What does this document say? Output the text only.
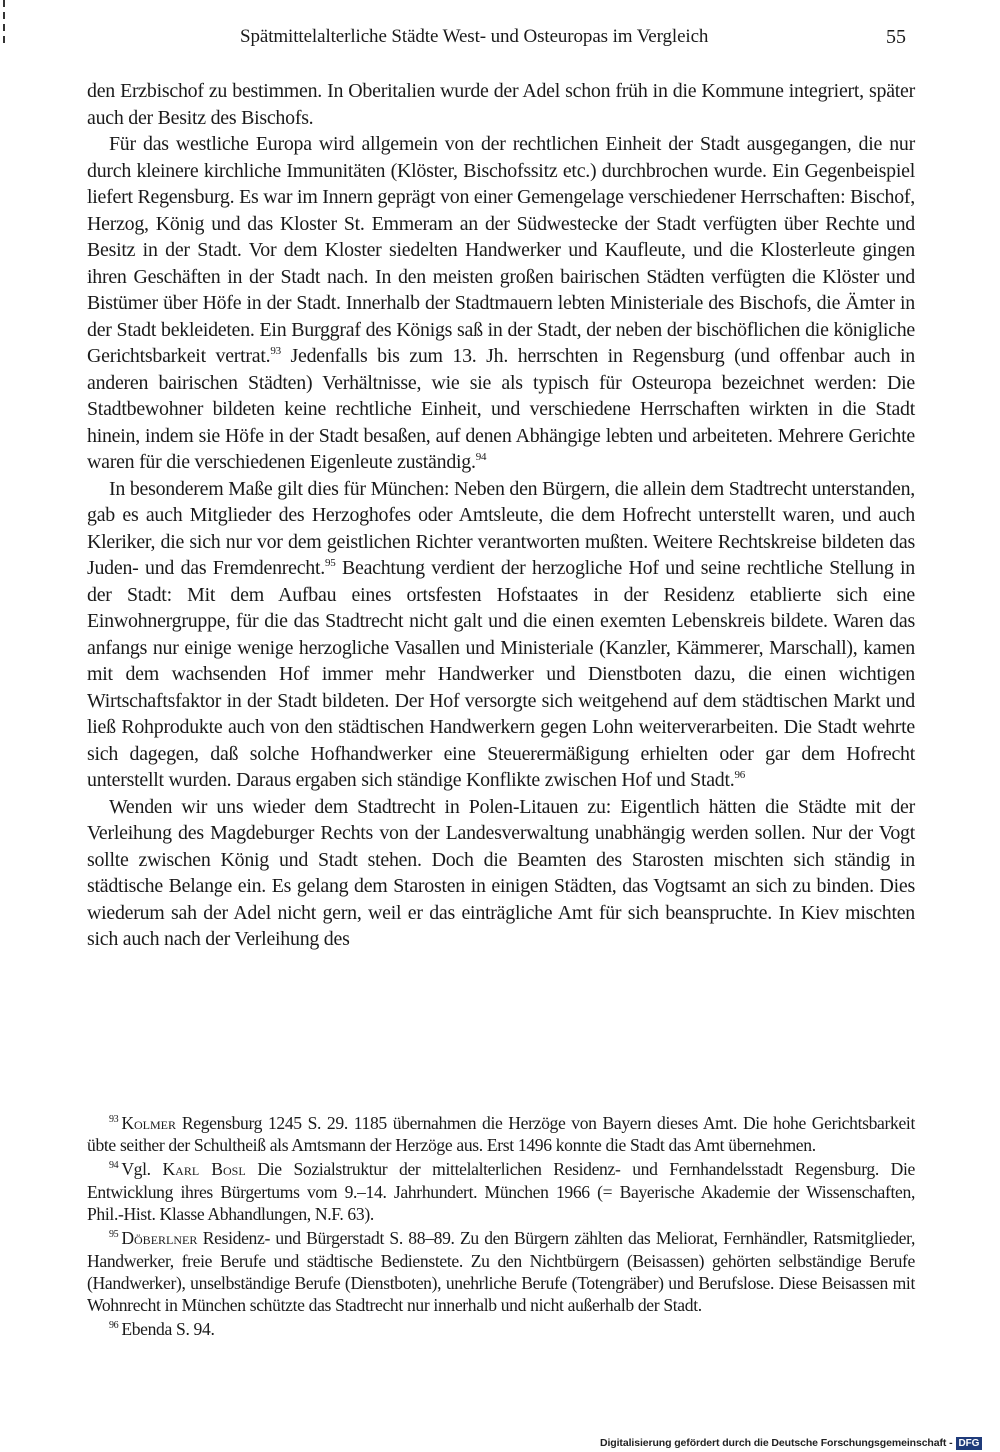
Spätmittelalterliche Städte West- und Osteuropas im Vergleich	55

den Erzbischof zu bestimmen. In Oberitalien wurde der Adel schon früh in die Kommune integriert, später auch der Besitz des Bischofs.

Für das westliche Europa wird allgemein von der rechtlichen Einheit der Stadt ausgegangen, die nur durch kleinere kirchliche Immunitäten (Klöster, Bischofssitz etc.) durchbrochen wurde. Ein Gegenbeispiel liefert Regensburg. Es war im Innern geprägt von einer Gemengelage verschiedener Herrschaften: Bischof, Herzog, König und das Kloster St. Emmeram an der Südwestecke der Stadt verfügten über Rechte und Besitz in der Stadt. Vor dem Kloster siedelten Handwerker und Kaufleute, und die Klosterleute gingen ihren Geschäften in der Stadt nach. In den meisten großen bairischen Städten verfügten die Klöster und Bistümer über Höfe in der Stadt. Innerhalb der Stadtmauern lebten Ministeriale des Bischofs, die Ämter in der Stadt bekleideten. Ein Burggraf des Königs saß in der Stadt, der neben der bischöflichen die königliche Gerichtsbarkeit vertrat.$^{93}$ Jedenfalls bis zum 13. Jh. herrschten in Regensburg (und offenbar auch in anderen bairischen Städten) Verhältnisse, wie sie als typisch für Osteuropa bezeichnet werden: Die Stadtbewohner bildeten keine rechtliche Einheit, und verschiedene Herrschaften wirkten in die Stadt hinein, indem sie Höfe in der Stadt besaßen, auf denen Abhängige lebten und arbeiteten. Mehrere Gerichte waren für die verschiedenen Eigenleute zuständig.$^{94}$

In besonderem Maße gilt dies für München: Neben den Bürgern, die allein dem Stadtrecht unterstanden, gab es auch Mitglieder des Herzoghofes oder Amtsleute, die dem Hofrecht unterstellt waren, und auch Kleriker, die sich nur vor dem geistlichen Richter verantworten mußten. Weitere Rechtskreise bildeten das Juden- und das Fremdenrecht.$^{95}$ Beachtung verdient der herzogliche Hof und seine rechtliche Stellung in der Stadt: Mit dem Aufbau eines ortsfesten Hofstaates in der Residenz etablierte sich eine Einwohnergruppe, für die das Stadtrecht nicht galt und die einen exemten Lebenskreis bildete. Waren das anfangs nur einige wenige herzogliche Vasallen und Ministeriale (Kanzler, Kämmerer, Marschall), kamen mit dem wachsenden Hof immer mehr Handwerker und Dienstboten dazu, die einen wichtigen Wirtschaftsfaktor in der Stadt bildeten. Der Hof versorgte sich weitgehend auf dem städtischen Markt und ließ Rohprodukte auch von den städtischen Handwerkern gegen Lohn weiterverarbeiten. Die Stadt wehrte sich dagegen, daß solche Hofhandwerker eine Steuerermäßigung erhielten oder gar dem Hofrecht unterstellt wurden. Daraus ergaben sich ständige Konflikte zwischen Hof und Stadt.$^{96}$

Wenden wir uns wieder dem Stadtrecht in Polen-Litauen zu: Eigentlich hätten die Städte mit der Verleihung des Magdeburger Rechts von der Landesverwaltung unabhängig werden sollen. Nur der Vogt sollte zwischen König und Stadt stehen. Doch die Beamten des Starosten mischten sich ständig in städtische Belange ein. Es gelang dem Starosten in einigen Städten, das Vogtsamt an sich zu binden. Dies wiederum sah der Adel nicht gern, weil er das einträgliche Amt für sich beanspruchte. In Kiev mischten sich auch nach der Verleihung des

$^{93}$ Kolmer Regensburg 1245 S. 29. 1185 übernahmen die Herzöge von Bayern dieses Amt. Die hohe Gerichtsbarkeit übte seither der Schultheiß als Amtsmann der Herzöge aus. Erst 1496 konnte die Stadt das Amt übernehmen.

$^{94}$ Vgl. Karl Bosl Die Sozialstruktur der mittelalterlichen Residenz- und Fernhandelsstadt Regensburg. Die Entwicklung ihres Bürgertums vom 9.–14. Jahrhundert. München 1966 (= Bayerische Akademie der Wissenschaften, Phil.-Hist. Klasse Abhandlungen, N.F. 63).

$^{95}$ Döberlner Residenz- und Bürgerstadt S. 88–89. Zu den Bürgern zählten das Meliorat, Fernhändler, Ratsmitglieder, Handwerker, freie Berufe und städtische Bedienstete. Zu den Nichtbürgern (Beisassen) gehörten selbständige Berufe (Handwerker), unselbständige Berufe (Dienstboten), unehrliche Berufe (Totengräber) und Berufslose. Diese Beisassen mit Wohnrecht in München schützte das Stadtrecht nur innerhalb und nicht außerhalb der Stadt.

$^{96}$ Ebenda S. 94.

Digitalisierung gefördert durch die Deutsche Forschungsgemeinschaft - DFG
